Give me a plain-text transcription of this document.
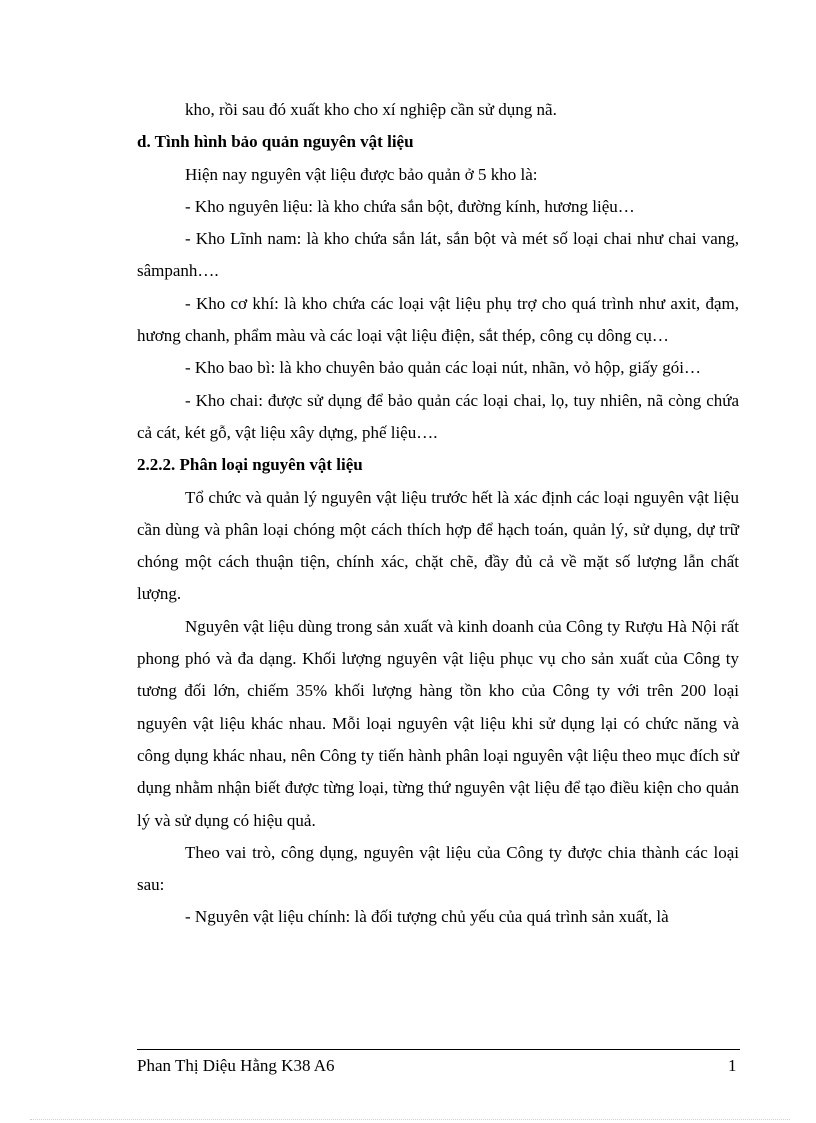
kho, rồi sau đó xuất kho cho xí nghiệp cần sử dụng nã.

d. Tình hình bảo quản nguyên vật liệu

Hiện nay nguyên vật liệu được bảo quản ở 5 kho là:

- Kho nguyên liệu: là kho chứa sắn bột, đường kính, hương liệu…

- Kho Lĩnh nam: là kho chứa sắn lát, sắn bột và mét số loại chai như chai vang, sâmpanh….

- Kho cơ khí: là kho chứa các loại vật liệu phụ trợ cho quá trình như axit, đạm, hương chanh, phẩm màu và các loại vật liệu điện, sắt thép, công cụ dông cụ…

- Kho bao bì: là kho chuyên bảo quản các loại nút, nhãn, vỏ hộp, giấy gói…

- Kho chai: được sử dụng để bảo quản các loại chai, lọ, tuy nhiên, nã còng chứa cả cát, két gỗ, vật liệu xây dựng, phế liệu….

2.2.2. Phân loại nguyên vật liệu

Tổ chức và quản lý nguyên vật liệu trước hết là xác định các loại nguyên vật liệu cần dùng và phân loại chóng một cách thích hợp để hạch toán, quản lý, sử dụng, dự trữ chóng một cách thuận tiện, chính xác, chặt chẽ, đầy đủ cả về mặt số lượng lẫn chất lượng.

Nguyên vật liệu dùng trong sản xuất và kinh doanh của Công ty Rượu Hà Nội rất phong phó và đa dạng. Khối lượng nguyên vật liệu phục vụ cho sản xuất của Công ty tương đối lớn, chiếm 35% khối lượng hàng tồn kho của Công ty với trên 200 loại nguyên vật liệu khác nhau. Mỗi loại nguyên vật liệu khi sử dụng lại có chức năng và công dụng khác nhau, nên Công ty tiến hành phân loại nguyên vật liệu theo mục đích sử dụng nhằm nhận biết được từng loại, từng thứ nguyên vật liệu để tạo điều kiện cho quản lý và sử dụng có hiệu quả.

Theo vai trò, công dụng, nguyên vật liệu của Công ty được chia thành các loại sau:

- Nguyên vật liệu chính: là đối tượng chủ yếu của quá trình sản xuất, là

Phan Thị Diệu Hằng K38 A6	1
